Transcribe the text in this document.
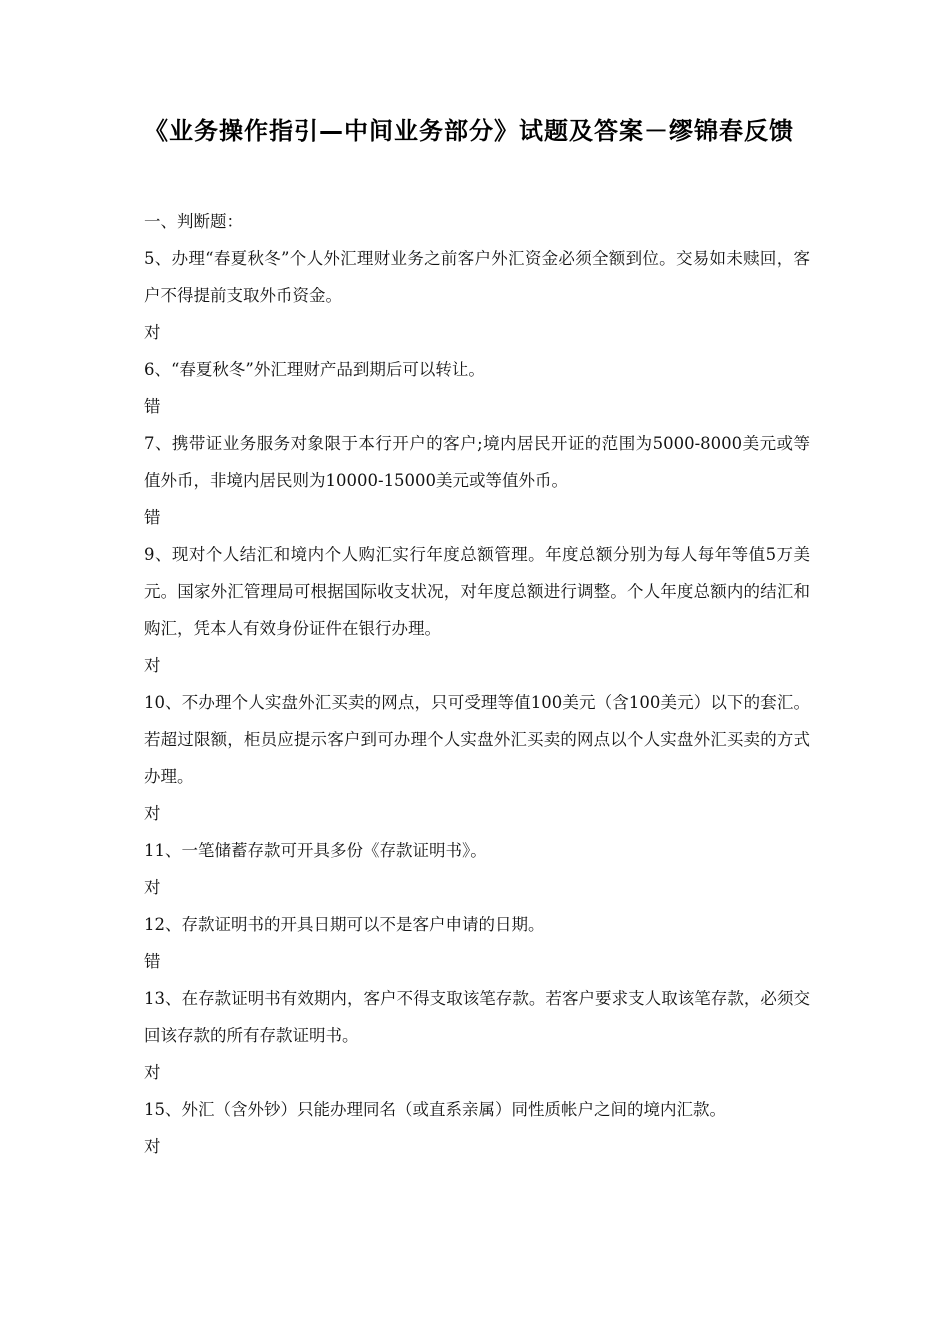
《业务操作指引—中间业务部分》试题及答案－缪锦春反馈
一、判断题：
5、办理“春夏秋冬”个人外汇理财业务之前客户外汇资金必须全额到位。交易如未赎回，客户不得提前支取外币资金。
对
6、“春夏秋冬”外汇理财产品到期后可以转让。
错
7、携带证业务服务对象限于本行开户的客户;境内居民开证的范围为5000-8000美元或等值外币，非境内居民则为10000-15000美元或等值外币。
错
9、现对个人结汇和境内个人购汇实行年度总额管理。年度总额分别为每人每年等值5万美元。国家外汇管理局可根据国际收支状况，对年度总额进行调整。个人年度总额内的结汇和购汇，凭本人有效身份证件在银行办理。
对
10、不办理个人实盘外汇买卖的网点，只可受理等值100美元（含100美元）以下的套汇。若超过限额，柜员应提示客户到可办理个人实盘外汇买卖的网点以个人实盘外汇买卖的方式办理。
对
11、一笔储蓄存款可开具多份《存款证明书》。
对
12、存款证明书的开具日期可以不是客户申请的日期。
错
13、在存款证明书有效期内，客户不得支取该笔存款。若客户要求支人取该笔存款，必须交回该存款的所有存款证明书。
对
15、外汇（含外钞）只能办理同名（或直系亲属）同性质帐户之间的境内汇款。
对
